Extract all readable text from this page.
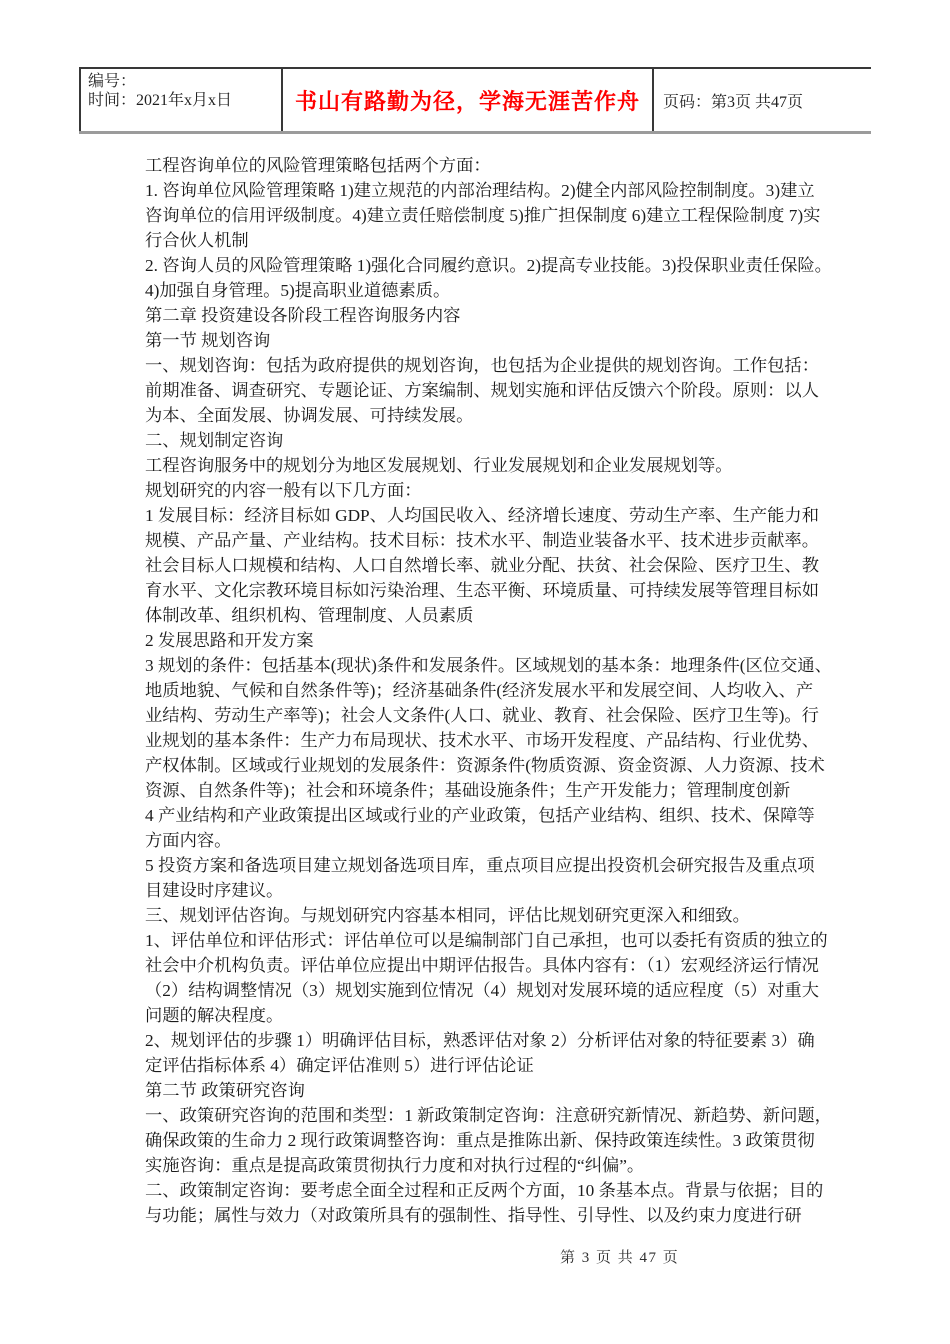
编号：
时间：2021年x月x日	书山有路勤为径，学海无涯苦作舟 页码：第3页 共47页
工程咨询单位的风险管理策略包括两个方面：
1. 咨询单位风险管理策略 1)建立规范的内部治理结构。2)健全内部风险控制制度。3)建立
咨询单位的信用评级制度。4)建立责任赔偿制度 5)推广担保制度 6)建立工程保险制度 7)实
行合伙人机制
2. 咨询人员的风险管理策略 1)强化合同履约意识。2)提高专业技能。3)投保职业责任保险。
4)加强自身管理。5)提高职业道德素质。
第二章 投资建设各阶段工程咨询服务内容
第一节 规划咨询
一、规划咨询：包括为政府提供的规划咨询，也包括为企业提供的规划咨询。工作包括：
前期准备、调查研究、专题论证、方案编制、规划实施和评估反馈六个阶段。原则：以人
为本、全面发展、协调发展、可持续发展。
二、规划制定咨询
工程咨询服务中的规划分为地区发展规划、行业发展规划和企业发展规划等。
规划研究的内容一般有以下几方面：
1 发展目标：经济目标如 GDP、人均国民收入、经济增长速度、劳动生产率、生产能力和
规模、产品产量、产业结构。技术目标：技术水平、制造业装备水平、技术进步贡献率。
社会目标人口规模和结构、人口自然增长率、就业分配、扶贫、社会保险、医疗卫生、教
育水平、文化宗教环境目标如污染治理、生态平衡、环境质量、可持续发展等管理目标如
体制改革、组织机构、管理制度、人员素质
2 发展思路和开发方案
3 规划的条件：包括基本(现状)条件和发展条件。区域规划的基本条：地理条件(区位交通、
地质地貌、气候和自然条件等)；经济基础条件(经济发展水平和发展空间、人均收入、产
业结构、劳动生产率等)；社会人文条件(人口、就业、教育、社会保险、医疗卫生等)。行
业规划的基本条件：生产力布局现状、技术水平、市场开发程度、产品结构、行业优势、
产权体制。区域或行业规划的发展条件：资源条件(物质资源、资金资源、人力资源、技术
资源、自然条件等)；社会和环境条件；基础设施条件；生产开发能力；管理制度创新
4 产业结构和产业政策提出区域或行业的产业政策，包括产业结构、组织、技术、保障等
方面内容。
5 投资方案和备选项目建立规划备选项目库，重点项目应提出投资机会研究报告及重点项
目建设时序建议。
三、规划评估咨询。与规划研究内容基本相同，评估比规划研究更深入和细致。
1、评估单位和评估形式：评估单位可以是编制部门自己承担，也可以委托有资质的独立的
社会中介机构负责。评估单位应提出中期评估报告。具体内容有：（1）宏观经济运行情况
（2）结构调整情况（3）规划实施到位情况（4）规划对发展环境的适应程度（5）对重大
问题的解决程度。
2、规划评估的步骤 1）明确评估目标，熟悉评估对象 2）分析评估对象的特征要素 3）确
定评估指标体系 4）确定评估准则 5）进行评估论证
第二节 政策研究咨询
一、政策研究咨询的范围和类型：1 新政策制定咨询：注意研究新情况、新趋势、新问题，
确保政策的生命力 2 现行政策调整咨询：重点是推陈出新、保持政策连续性。3 政策贯彻
实施咨询：重点是提高政策贯彻执行力度和对执行过程的“纠偏”。
二、政策制定咨询：要考虑全面全过程和正反两个方面，10 条基本点。背景与依据；目的
与功能；属性与效力（对政策所具有的强制性、指导性、引导性、以及约束力度进行研
第 3 页 共 47 页
